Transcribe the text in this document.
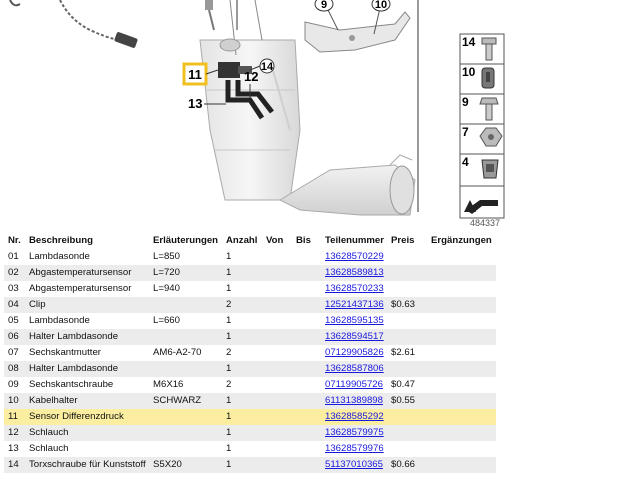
9	10
11	12
13
14
14
10
9
7
4
484337
Nr.	Beschreibung	Erläuterungen	Anzahl	Von	Bis	Teilenummer	Preis	Ergänzungen
01	Lambdasonde	L=850	1			13628570229		
02	Abgastemperatursensor	L=720	1			13628589813		
03	Abgastemperatursensor	L=940	1			13628570233		
04	Clip		2			12521437136	$0.63	
05	Lambdasonde	L=660	1			13628595135		
06	Halter Lambdasonde		1			13628594517		
07	Sechskantmutter	AM6-A2-70	2			07129905826	$2.61	
08	Halter Lambdasonde		1			13628587806		
09	Sechskantschraube	M6X16	2			07119905726	$0.47	
10	Kabelhalter	SCHWARZ	1			61131389898	$0.55	
11	Sensor Differenzdruck		1			13628585292		
12	Schlauch		1			13628579975		
13	Schlauch		1			13628579976		
14	Torxschraube für Kunststoff	S5X20	1			51137010365	$0.66	
